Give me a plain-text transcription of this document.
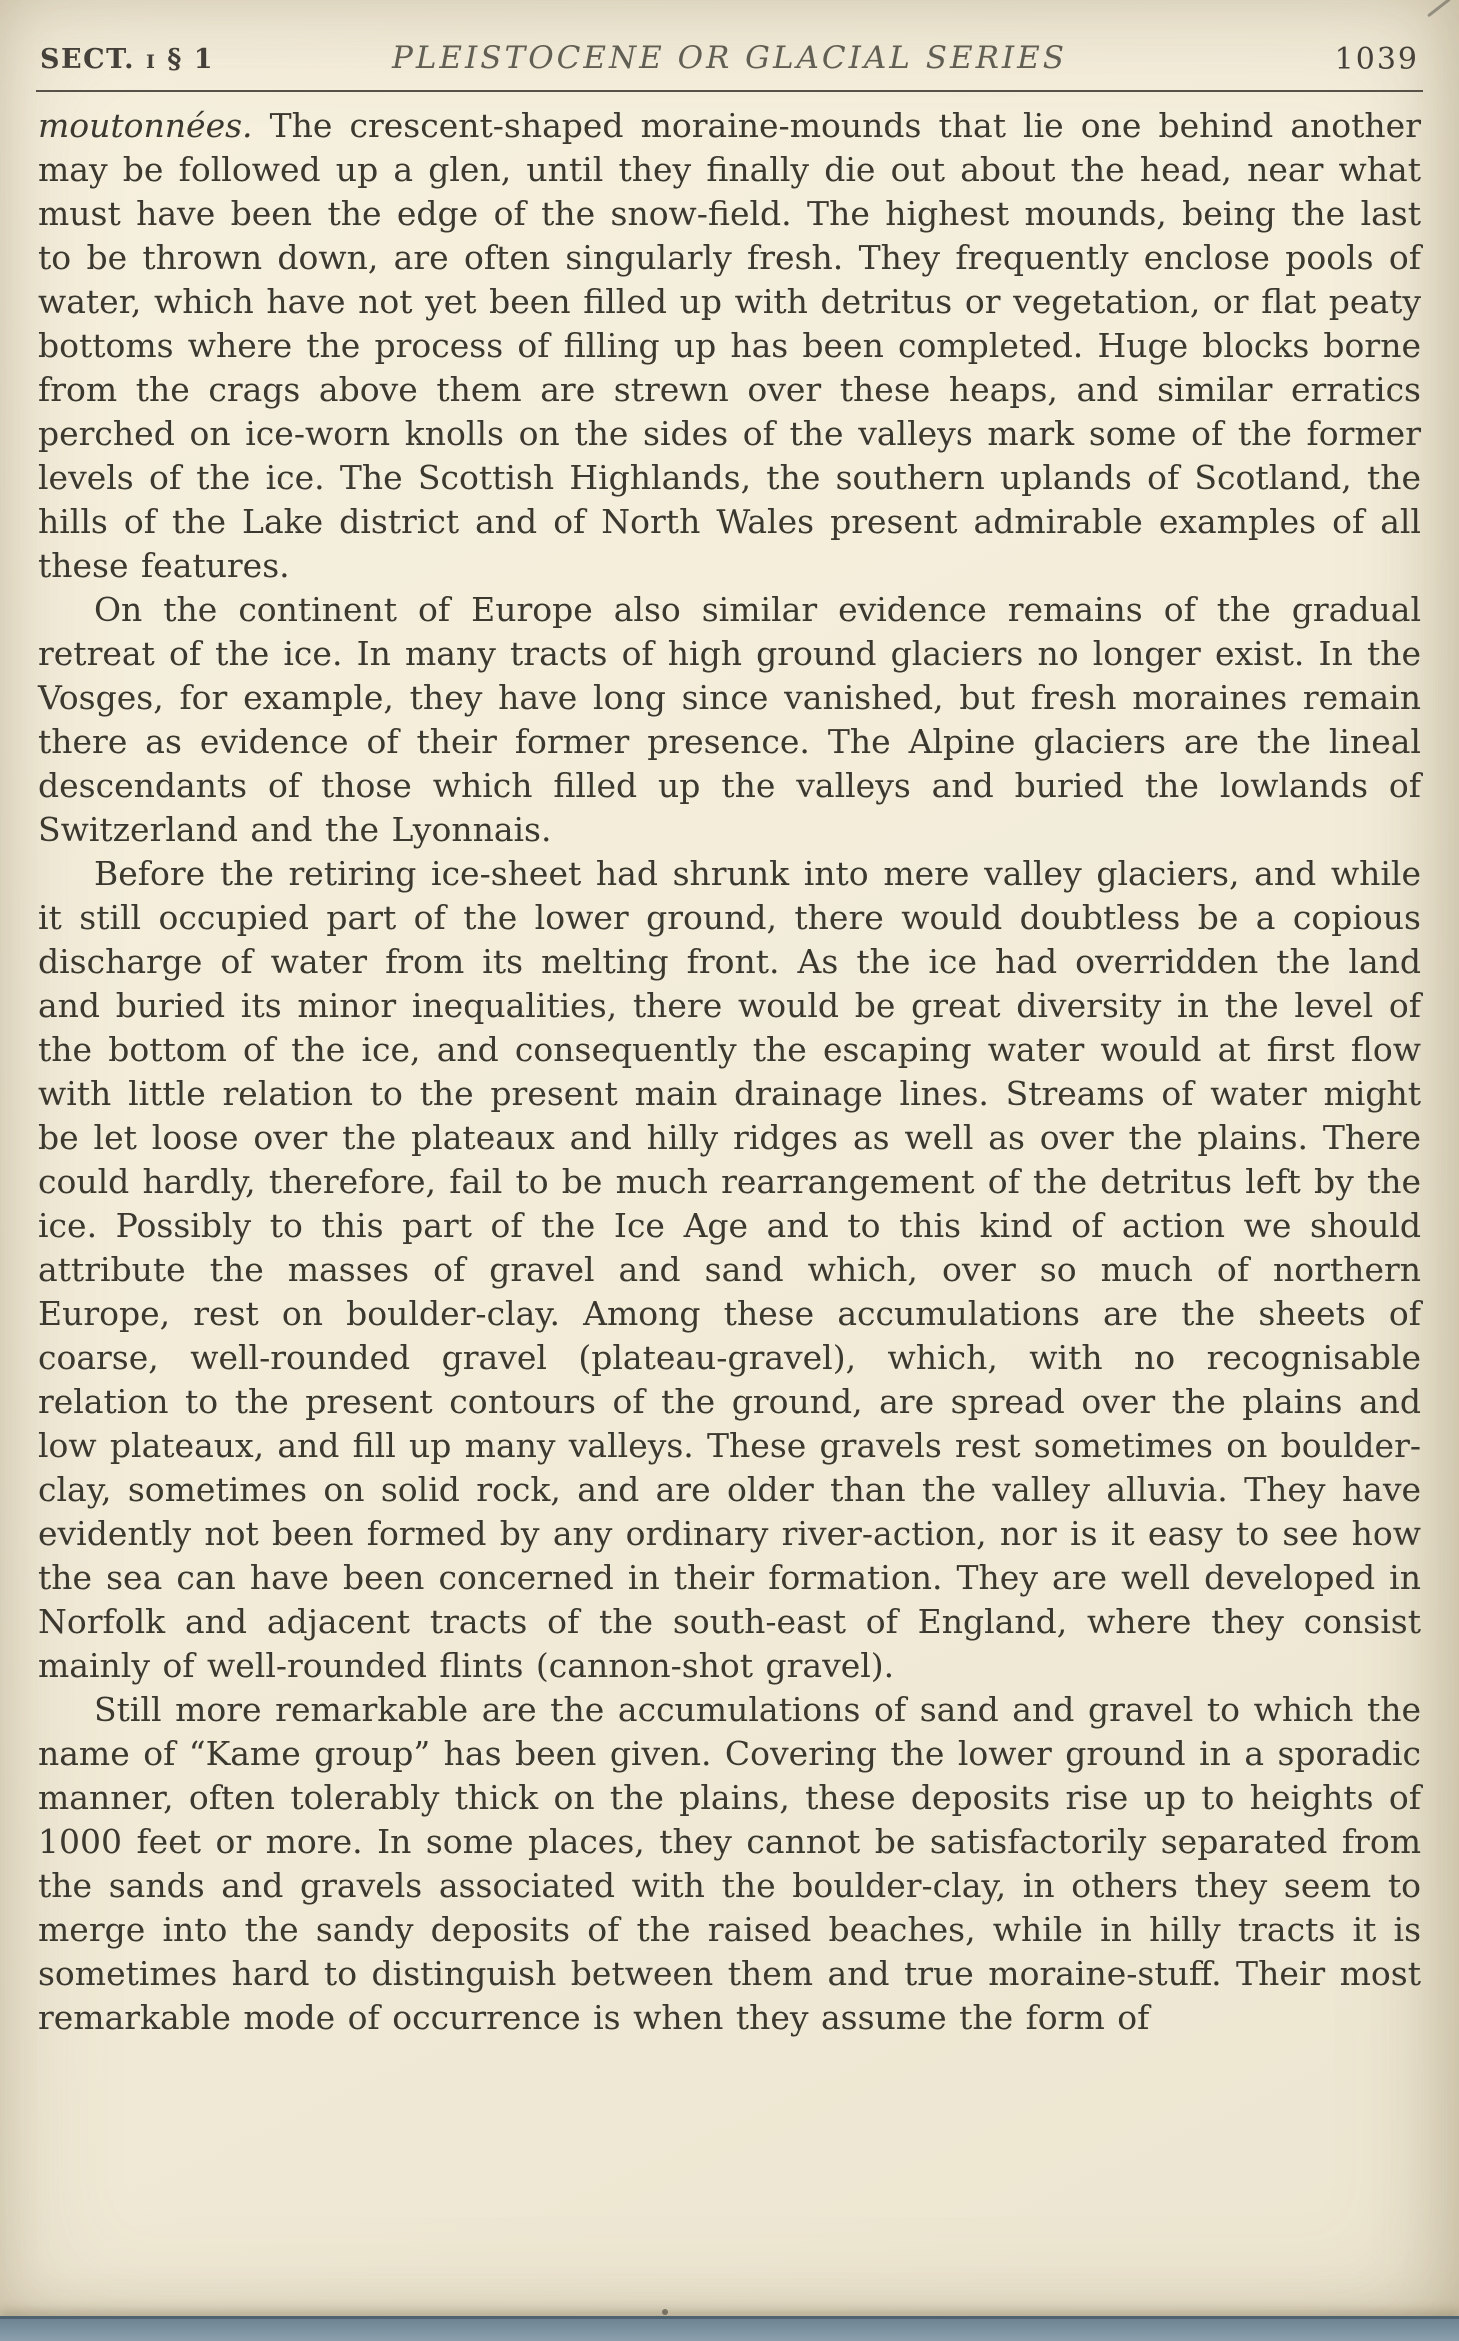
SECT. i § 1	PLEISTOCENE OR GLACIAL SERIES	1039

moutonnées. The crescent-shaped moraine-mounds that lie one behind another may be followed up a glen, until they finally die out about the head, near what must have been the edge of the snow-field. The highest mounds, being the last to be thrown down, are often singularly fresh. They frequently enclose pools of water, which have not yet been filled up with detritus or vegetation, or flat peaty bottoms where the process of filling up has been completed. Huge blocks borne from the crags above them are strewn over these heaps, and similar erratics perched on ice-worn knolls on the sides of the valleys mark some of the former levels of the ice. The Scottish Highlands, the southern uplands of Scotland, the hills of the Lake district and of North Wales present admirable examples of all these features.

On the continent of Europe also similar evidence remains of the gradual retreat of the ice. In many tracts of high ground glaciers no longer exist. In the Vosges, for example, they have long since vanished, but fresh moraines remain there as evidence of their former presence. The Alpine glaciers are the lineal descendants of those which filled up the valleys and buried the lowlands of Switzerland and the Lyonnais.

Before the retiring ice-sheet had shrunk into mere valley glaciers, and while it still occupied part of the lower ground, there would doubtless be a copious discharge of water from its melting front. As the ice had overridden the land and buried its minor inequalities, there would be great diversity in the level of the bottom of the ice, and consequently the escaping water would at first flow with little relation to the present main drainage lines. Streams of water might be let loose over the plateaux and hilly ridges as well as over the plains. There could hardly, therefore, fail to be much rearrangement of the detritus left by the ice. Possibly to this part of the Ice Age and to this kind of action we should attribute the masses of gravel and sand which, over so much of northern Europe, rest on boulder-clay. Among these accumulations are the sheets of coarse, well-rounded gravel (plateau-gravel), which, with no recognisable relation to the present contours of the ground, are spread over the plains and low plateaux, and fill up many valleys. These gravels rest sometimes on boulder-clay, sometimes on solid rock, and are older than the valley alluvia. They have evidently not been formed by any ordinary river-action, nor is it easy to see how the sea can have been concerned in their formation. They are well developed in Norfolk and adjacent tracts of the south-east of England, where they consist mainly of well-rounded flints (cannon-shot gravel).

Still more remarkable are the accumulations of sand and gravel to which the name of “Kame group” has been given. Covering the lower ground in a sporadic manner, often tolerably thick on the plains, these deposits rise up to heights of 1000 feet or more. In some places, they cannot be satisfactorily separated from the sands and gravels associated with the boulder-clay, in others they seem to merge into the sandy deposits of the raised beaches, while in hilly tracts it is sometimes hard to distinguish between them and true moraine-stuff. Their most remarkable mode of occurrence is when they assume the form of
